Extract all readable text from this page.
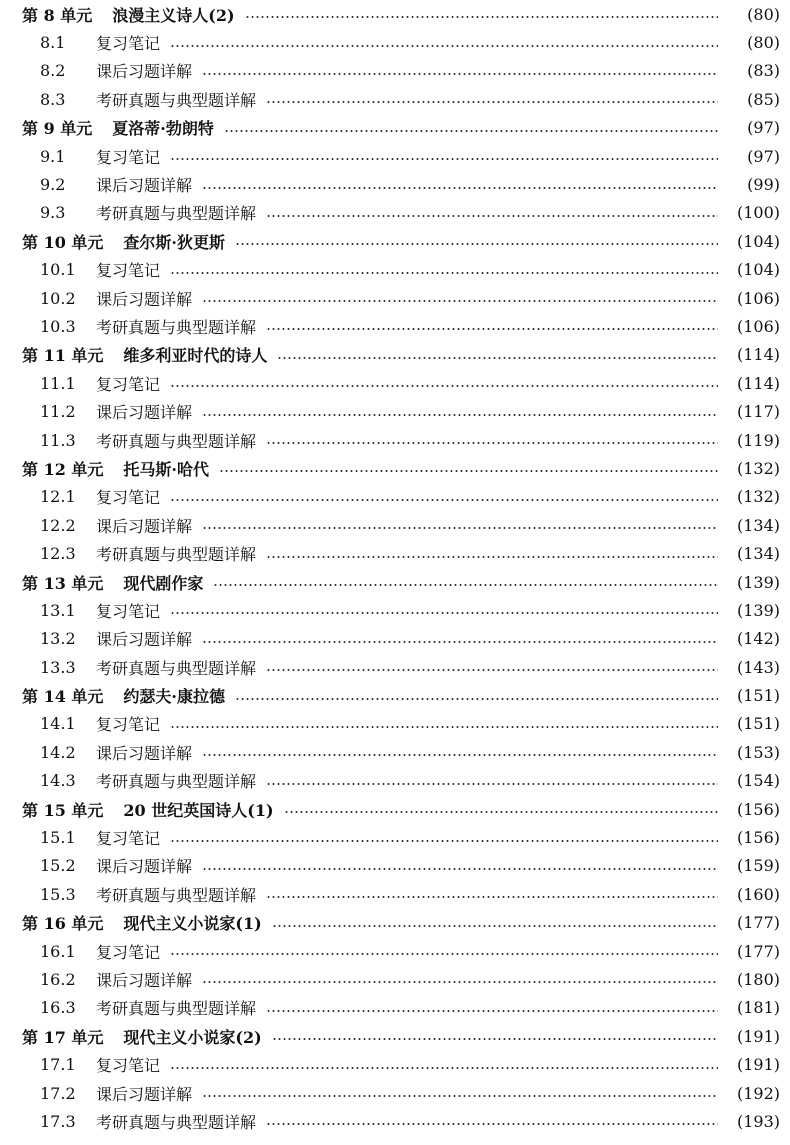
第 8 单元 浪漫主义诗人(2)	(80)
8.1	复习笔记	(80)
8.2	课后习题详解	(83)
8.3	考研真题与典型题详解	(85)
第 9 单元 夏洛蒂·勃朗特	(97)
9.1	复习笔记	(97)
9.2	课后习题详解	(99)
9.3	考研真题与典型题详解	(100)
第 10 单元 查尔斯·狄更斯	(104)
10.1	复习笔记	(104)
10.2	课后习题详解	(106)
10.3	考研真题与典型题详解	(106)
第 11 单元 维多利亚时代的诗人	(114)
11.1	复习笔记	(114)
11.2	课后习题详解	(117)
11.3	考研真题与典型题详解	(119)
第 12 单元 托马斯·哈代	(132)
12.1	复习笔记	(132)
12.2	课后习题详解	(134)
12.3	考研真题与典型题详解	(134)
第 13 单元 现代剧作家	(139)
13.1	复习笔记	(139)
13.2	课后习题详解	(142)
13.3	考研真题与典型题详解	(143)
第 14 单元 约瑟夫·康拉德	(151)
14.1	复习笔记	(151)
14.2	课后习题详解	(153)
14.3	考研真题与典型题详解	(154)
第 15 单元 20 世纪英国诗人(1)	(156)
15.1	复习笔记	(156)
15.2	课后习题详解	(159)
15.3	考研真题与典型题详解	(160)
第 16 单元 现代主义小说家(1)	(177)
16.1	复习笔记	(177)
16.2	课后习题详解	(180)
16.3	考研真题与典型题详解	(181)
第 17 单元 现代主义小说家(2)	(191)
17.1	复习笔记	(191)
17.2	课后习题详解	(192)
17.3	考研真题与典型题详解	(193)
